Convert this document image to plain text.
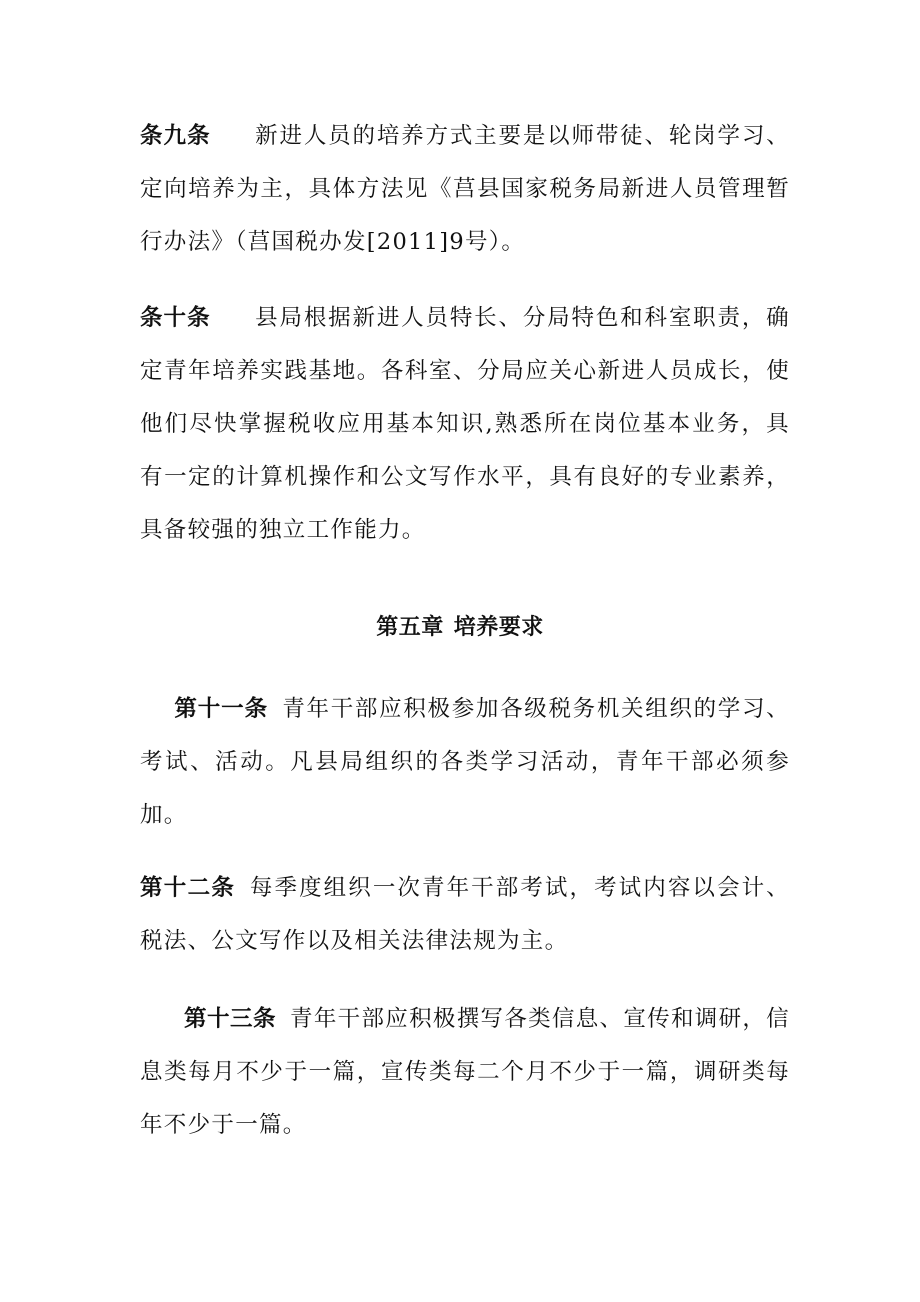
条九条 新进人员的培养方式主要是以师带徒、轮岗学习、定向培养为主，具体方法见《莒县国家税务局新进人员管理暂行办法》（莒国税办发[2011]9号）。

条十条 县局根据新进人员特长、分局特色和科室职责，确定青年培养实践基地。各科室、分局应关心新进人员成长，使他们尽快掌握税收应用基本知识,熟悉所在岗位基本业务，具有一定的计算机操作和公文写作水平，具有良好的专业素养，具备较强的独立工作能力。

第五章 培养要求

第十一条 青年干部应积极参加各级税务机关组织的学习、考试、活动。凡县局组织的各类学习活动，青年干部必须参加。

第十二条 每季度组织一次青年干部考试，考试内容以会计、税法、公文写作以及相关法律法规为主。

第十三条 青年干部应积极撰写各类信息、宣传和调研，信息类每月不少于一篇，宣传类每二个月不少于一篇，调研类每年不少于一篇。
